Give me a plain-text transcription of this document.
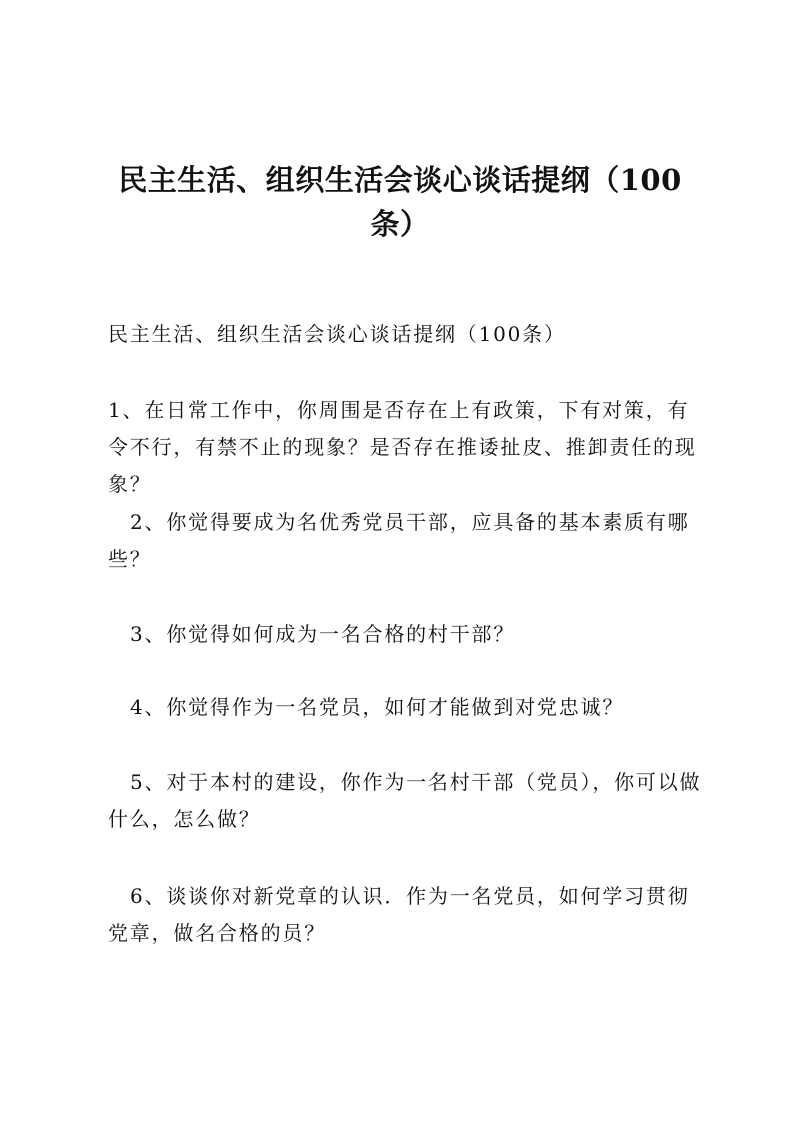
民主生活、组织生活会谈心谈话提纲（100条）
民主生活、组织生活会谈心谈话提纲（100条）
1、在日常工作中，你周围是否存在上有政策，下有对策，有令不行，有禁不止的现象？是否存在推诿扯皮、推卸责任的现象？
2、你觉得要成为名优秀党员干部，应具备的基本素质有哪些？
3、你觉得如何成为一名合格的村干部？
4、你觉得作为一名党员，如何才能做到对党忠诚？
5、对于本村的建设，你作为一名村干部（党员），你可以做什么，怎么做？
6、谈谈你对新党章的认识．作为一名党员，如何学习贯彻党章，做名合格的员？
